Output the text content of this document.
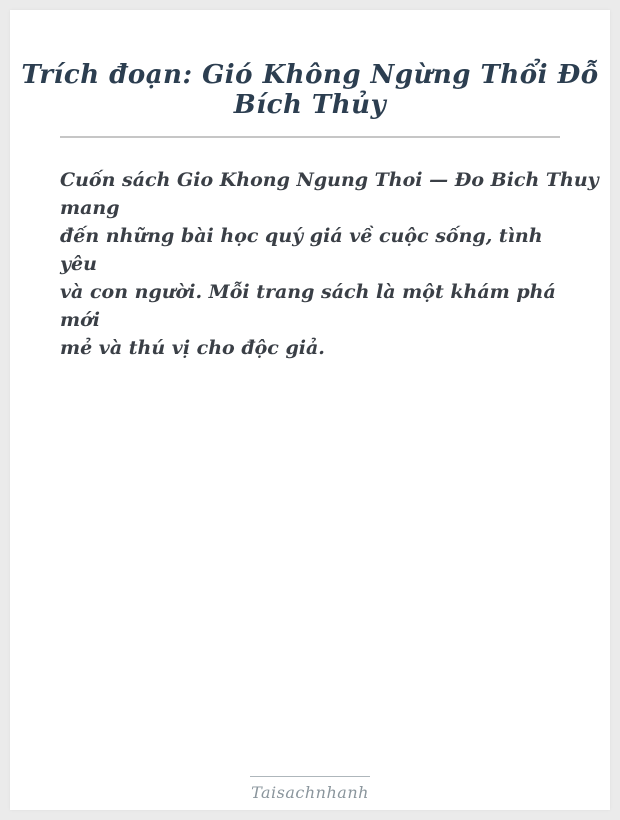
Trích đoạn: Gió Không Ngừng Thổi Đỗ Bích Thủy
Cuốn sách Gio Khong Ngung Thoi — Đo Bich Thuy
mang
đến những bài học quý giá về cuộc sống, tình
yêu
và con người. Mỗi trang sách là một khám phá
mới
mẻ và thú vị cho độc giả.
Taisachnhanh
